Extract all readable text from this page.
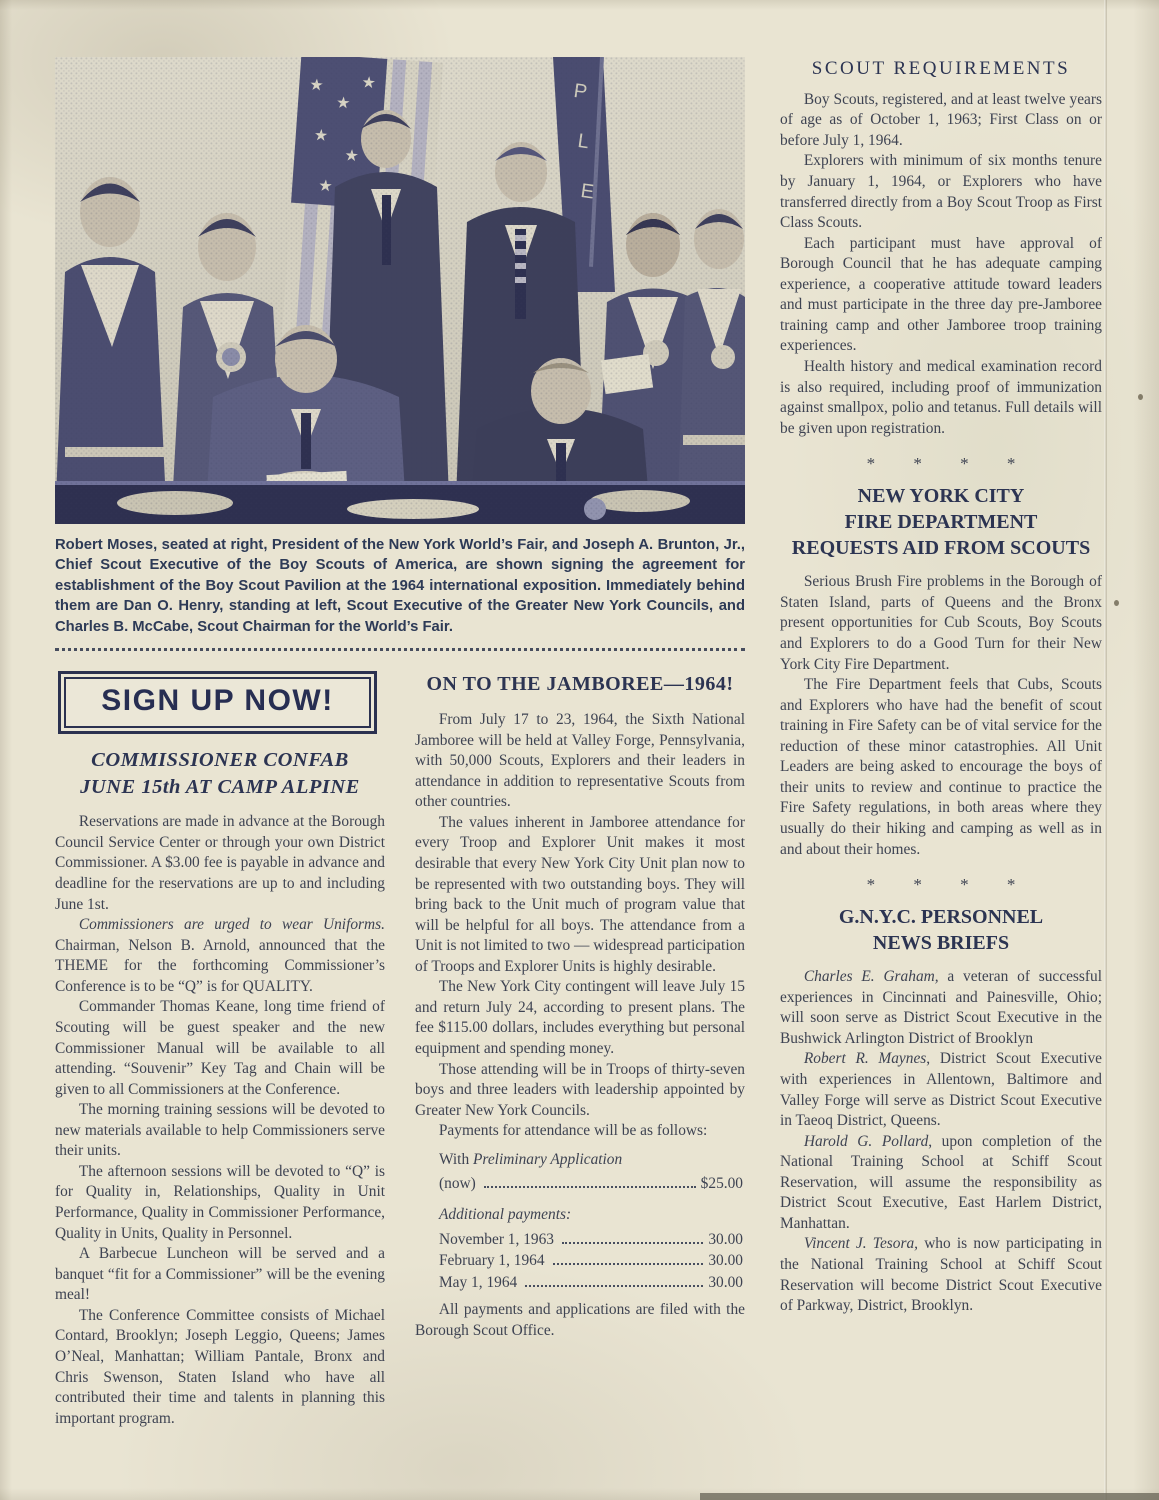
Robert Moses, seated at right, President of the New York World’s Fair, and Joseph A. Brunton, Jr., Chief Scout Executive of the Boy Scouts of America, are shown signing the agreement for establishment of the Boy Scout Pavilion at the 1964 international exposition. Immediately behind them are Dan O. Henry, standing at left, Scout Executive of the Greater New York Councils, and Charles B. McCabe, Scout Chairman for the World’s Fair.

SIGN UP NOW!
COMMISSIONER CONFAB
JUNE 15th AT CAMP ALPINE

Reservations are made in advance at the Borough Council Service Center or through your own District Commissioner. A $3.00 fee is payable in advance and deadline for the reservations are up to and including June 1st.

Commissioners are urged to wear Uniforms. Chairman, Nelson B. Arnold, announced that the THEME for the forthcoming Commissioner’s Conference is to be “Q” is for QUALITY.

Commander Thomas Keane, long time friend of Scouting will be guest speaker and the new Commissioner Manual will be available to all attending. “Souvenir” Key Tag and Chain will be given to all Commissioners at the Conference.

The morning training sessions will be devoted to new materials available to help Commissioners serve their units.

The afternoon sessions will be devoted to “Q” is for Quality in, Relationships, Quality in Unit Performance, Quality in Commissioner Performance, Quality in Units, Quality in Personnel.

A Barbecue Luncheon will be served and a banquet “fit for a Commissioner” will be the evening meal!

The Conference Committee consists of Michael Contard, Brooklyn; Joseph Leggio, Queens; James O’Neal, Manhattan; William Pantale, Bronx and Chris Swenson, Staten Island who have all contributed their time and talents in planning this important program.

ON TO THE JAMBOREE—1964!

From July 17 to 23, 1964, the Sixth National Jamboree will be held at Valley Forge, Pennsylvania, with 50,000 Scouts, Explorers and their leaders in attendance in addition to representative Scouts from other countries.

The values inherent in Jamboree attendance for every Troop and Explorer Unit makes it most desirable that every New York City Unit plan now to be represented with two outstanding boys. They will bring back to the Unit much of program value that will be helpful for all boys. The attendance from a Unit is not limited to two — widespread participation of Troops and Explorer Units is highly desirable.

The New York City contingent will leave July 15 and return July 24, according to present plans. The fee $115.00 dollars, includes everything but personal equipment and spending money.

Those attending will be in Troops of thirty-seven boys and three leaders with leadership appointed by Greater New York Councils.

Payments for attendance will be as follows:

With Preliminary Application
(now)	$25.00
Additional payments:
November 1, 1963	30.00
February 1, 1964	30.00
May 1, 1964	30.00

All payments and applications are filed with the Borough Scout Office.

SCOUT REQUIREMENTS

Boy Scouts, registered, and at least twelve years of age as of October 1, 1963; First Class on or before July 1, 1964.

Explorers with minimum of six months tenure by January 1, 1964, or Explorers who have transferred directly from a Boy Scout Troop as First Class Scouts.

Each participant must have approval of Borough Council that he has adequate camping experience, a cooperative attitude toward leaders and must participate in the three day pre-Jamboree training camp and other Jamboree troop training experiences.

Health history and medical examination record is also required, including proof of immunization against smallpox, polio and tetanus. Full details will be given upon registration.

* * * *
NEW YORK CITY
FIRE DEPARTMENT
REQUESTS AID FROM SCOUTS

Serious Brush Fire problems in the Borough of Staten Island, parts of Queens and the Bronx present opportunities for Cub Scouts, Boy Scouts and Explorers to do a Good Turn for their New York City Fire Department.

The Fire Department feels that Cubs, Scouts and Explorers who have had the benefit of scout training in Fire Safety can be of vital service for the reduction of these minor catastrophies. All Unit Leaders are being asked to encourage the boys of their units to review and continue to practice the Fire Safety regulations, in both areas where they usually do their hiking and camping as well as in and about their homes.

* * * *
G.N.Y.C. PERSONNEL
NEWS BRIEFS

Charles E. Graham, a veteran of successful experiences in Cincinnati and Painesville, Ohio; will soon serve as District Scout Executive in the Bushwick Arlington District of Brooklyn

Robert R. Maynes, District Scout Executive with experiences in Allentown, Baltimore and Valley Forge will serve as District Scout Executive in Taeoq District, Queens.

Harold G. Pollard, upon completion of the National Training School at Schiff Scout Reservation, will assume the responsibility as District Scout Executive, East Harlem District, Manhattan.

Vincent J. Tesora, who is now participating in the National Training School at Schiff Scout Reservation will become District Scout Executive of Parkway, District, Brooklyn.
